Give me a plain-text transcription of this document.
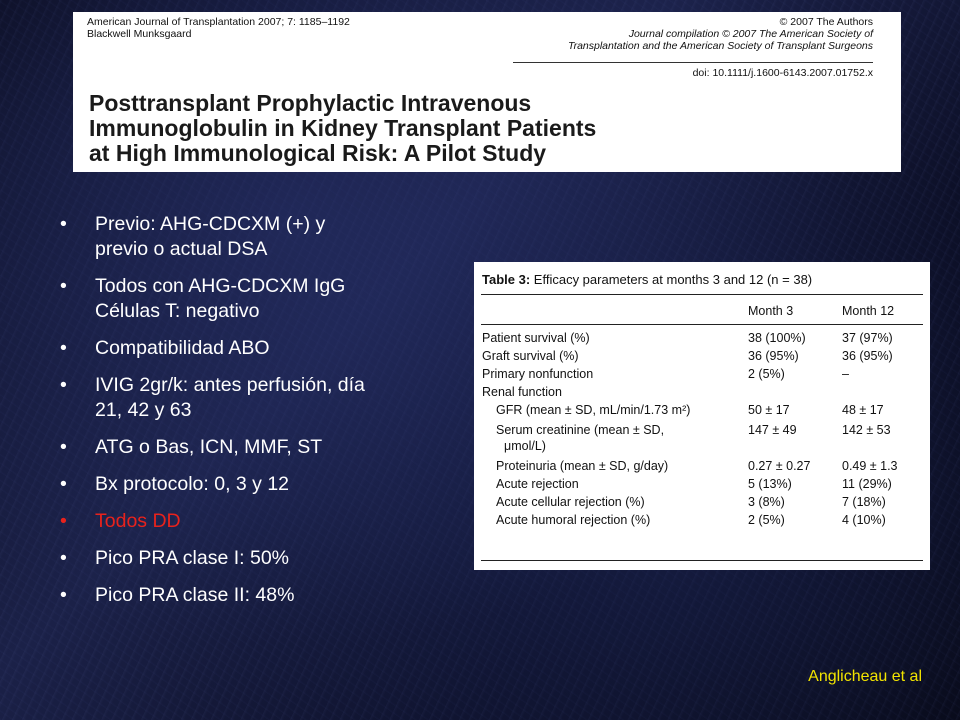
American Journal of Transplantation 2007; 7: 1185–1192
Blackwell Munksgaard
© 2007 The Authors
Journal compilation © 2007 The American Society of
Transplantation and the American Society of Transplant Surgeons
doi: 10.1111/j.1600-6143.2007.01752.x
Posttransplant Prophylactic Intravenous
Immunoglobulin in Kidney Transplant Patients
at High Immunological Risk: A Pilot Study
• Previo: AHG-CDCXM (+) y
previo o actual DSA
• Todos con AHG-CDCXM IgG
Células T: negativo
• Compatibilidad ABO
• IVIG 2gr/k: antes perfusión, día
21, 42 y 63
• ATG o Bas, ICN, MMF, ST
• Bx protocolo: 0, 3 y 12
• Todos DD
• Pico PRA clase I: 50%
• Pico PRA clase II: 48%
Table 3: Efficacy parameters at months 3 and 12 (n = 38)
Month 3	Month 12
Patient survival (%)	38 (100%)	37 (97%)
Graft survival (%)	36 (95%)	36 (95%)
Primary nonfunction	2 (5%)	–
Renal function
GFR (mean ± SD, mL/min/1.73 m²)	50 ± 17	48 ± 17
Serum creatinine (mean ± SD,	147 ± 49	142 ± 53
μmol/L)
Proteinuria (mean ± SD, g/day)	0.27 ± 0.27	0.49 ± 1.3
Acute rejection	5 (13%)	11 (29%)
Acute cellular rejection (%)	3 (8%)	7 (18%)
Acute humoral rejection (%)	2 (5%)	4 (10%)
Anglicheau et al
